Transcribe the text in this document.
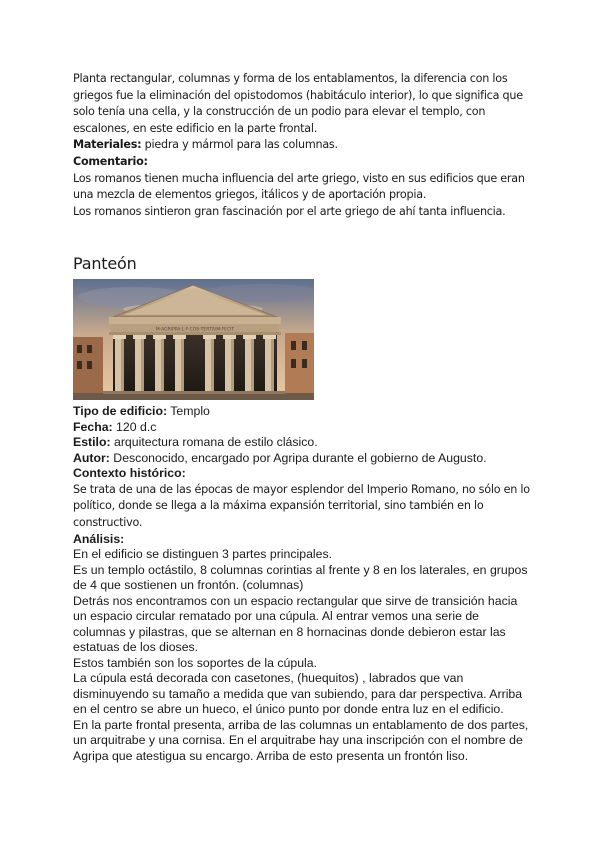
Planta rectangular, columnas y forma de los entablamentos, la diferencia con los griegos fue la eliminación del opistodomos (habitáculo interior), lo que significa que solo tenía una cella, y la construcción de un podio para elevar el templo, con escalones, en este edificio en la parte frontal.

Materiales: piedra y mármol para las columnas.

Comentario:

Los romanos tienen mucha influencia del arte griego, visto en sus edificios que eran una mezcla de elementos griegos, itálicos y de aportación propia.

Los romanos sintieron gran fascinación por el arte griego de ahí tanta influencia.

Panteón
M·AGRIPPA·L·F·COS·TERTIVM·FECIT

Tipo de edificio: Templo

Fecha: 120 d.c

Estilo: arquitectura romana de estilo clásico.

Autor: Desconocido, encargado por Agripa durante el gobierno de Augusto.

Contexto histórico:

Se trata de una de las épocas de mayor esplendor del Imperio Romano, no sólo en lo político, donde se llega a la máxima expansión territorial, sino también en lo constructivo.

Análisis:

En el edificio se distinguen 3 partes principales.

Es un templo octástilo, 8 columnas corintias al frente y 8 en los laterales, en grupos de 4 que sostienen un frontón. (columnas)

Detrás nos encontramos con un espacio rectangular que sirve de transición hacia un espacio circular rematado por una cúpula. Al entrar vemos una serie de columnas y pilastras, que se alternan en 8 hornacinas donde debieron estar las estatuas de los dioses.

Estos también son los soportes de la cúpula.

La cúpula está decorada con casetones, (huequitos) , labrados que van disminuyendo su tamaño a medida que van subiendo, para dar perspectiva. Arriba en el centro se abre un hueco, el único punto por donde entra luz en el edificio.

En la parte frontal presenta, arriba de las columnas un entablamento de dos partes, un arquitrabe y una cornisa. En el arquitrabe hay una inscripción con el nombre de Agripa que atestigua su encargo. Arriba de esto presenta un frontón liso.
